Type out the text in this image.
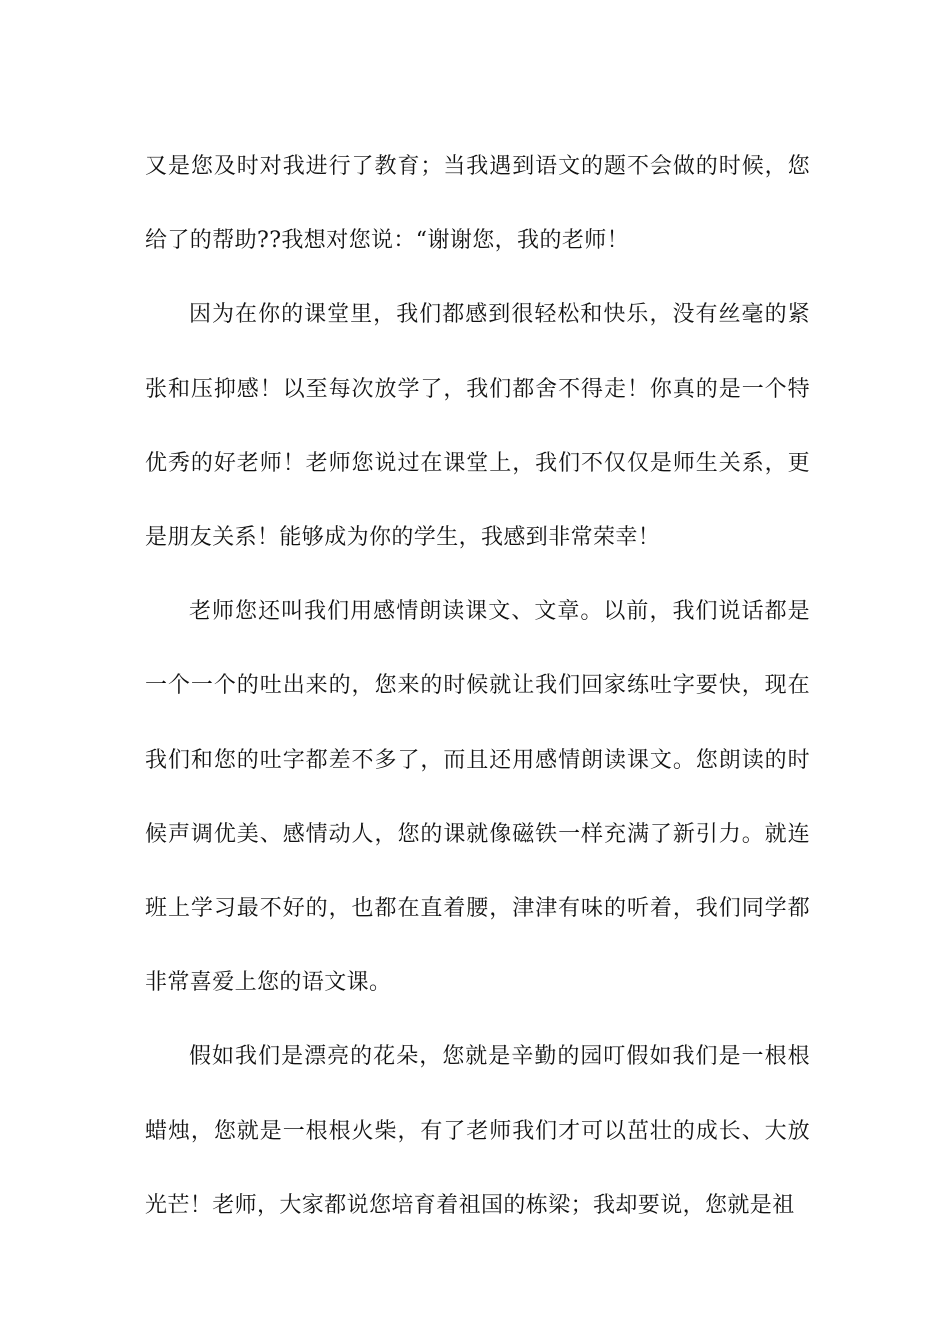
又是您及时对我进行了教育；当我遇到语文的题不会做的时候，您给了的帮助??我想对您说：“谢谢您，我的老师！

因为在你的课堂里，我们都感到很轻松和快乐，没有丝毫的紧张和压抑感！以至每次放学了，我们都舍不得走！你真的是一个特优秀的好老师！老师您说过在课堂上，我们不仅仅是师生关系，更是朋友关系！能够成为你的学生，我感到非常荣幸！

老师您还叫我们用感情朗读课文、文章。以前，我们说话都是一个一个的吐出来的，您来的时候就让我们回家练吐字要快，现在我们和您的吐字都差不多了，而且还用感情朗读课文。您朗读的时候声调优美、感情动人，您的课就像磁铁一样充满了新引力。就连班上学习最不好的，也都在直着腰，津津有味的听着，我们同学都非常喜爱上您的语文课。

假如我们是漂亮的花朵，您就是辛勤的园叮假如我们是一根根蜡烛，您就是一根根火柴，有了老师我们才可以茁壮的成长、大放光芒！老师，大家都说您培育着祖国的栋梁；我却要说，您就是祖
